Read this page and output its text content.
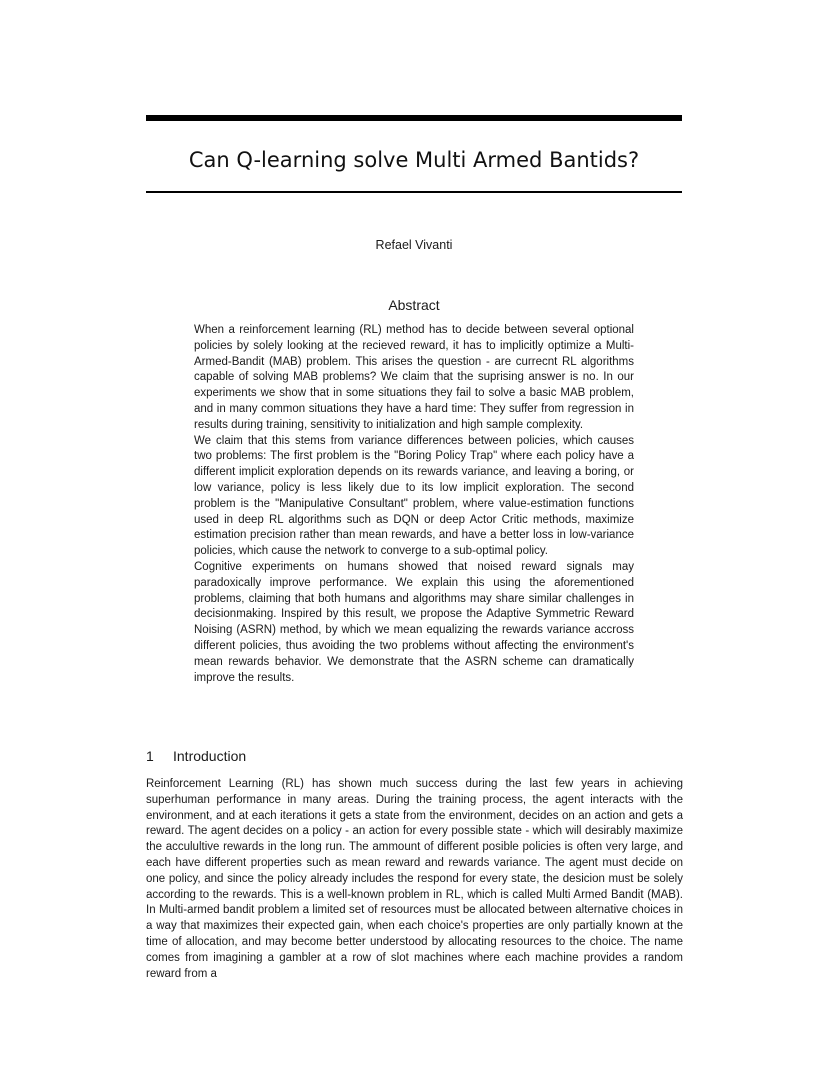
Can Q-learning solve Multi Armed Bantids?
Refael Vivanti
Abstract

When a reinforcement learning (RL) method has to decide between several optional policies by solely looking at the recieved reward, it has to implicitly optimize a Multi-Armed-Bandit (MAB) problem. This arises the question - are currecnt RL algorithms capable of solving MAB problems? We claim that the suprising answer is no. In our experiments we show that in some situations they fail to solve a basic MAB problem, and in many common situations they have a hard time: They suffer from regression in results during training, sensitivity to initialization and high sample complexity.

We claim that this stems from variance differences between policies, which causes two problems: The first problem is the "Boring Policy Trap" where each policy have a different implicit exploration depends on its rewards variance, and leaving a boring, or low variance, policy is less likely due to its low implicit exploration. The second problem is the "Manipulative Consultant" problem, where value-estimation functions used in deep RL algorithms such as DQN or deep Actor Critic methods, maximize estimation precision rather than mean rewards, and have a better loss in low-variance policies, which cause the network to converge to a sub-optimal policy.

Cognitive experiments on humans showed that noised reward signals may paradoxically improve performance. We explain this using the aforementioned problems, claiming that both humans and algorithms may share similar challenges in decisionmaking. Inspired by this result, we propose the Adaptive Symmetric Reward Noising (ASRN) method, by which we mean equalizing the rewards variance accross different policies, thus avoiding the two problems without affecting the environment's mean rewards behavior. We demonstrate that the ASRN scheme can dramatically improve the results.

1 Introduction

Reinforcement Learning (RL) has shown much success during the last few years in achieving superhuman performance in many areas. During the training process, the agent interacts with the environment, and at each iterations it gets a state from the environment, decides on an action and gets a reward. The agent decides on a policy - an action for every possible state - which will desirably maximize the acculultive rewards in the long run. The ammount of different posible policies is often very large, and each have different properties such as mean reward and rewards variance. The agent must decide on one policy, and since the policy already includes the respond for every state, the desicion must be solely according to the rewards. This is a well-known problem in RL, which is called Multi Armed Bandit (MAB). In Multi-armed bandit problem a limited set of resources must be allocated between alternative choices in a way that maximizes their expected gain, when each choice's properties are only partially known at the time of allocation, and may become better understood by allocating resources to the choice. The name comes from imagining a gambler at a row of slot machines where each machine provides a random reward from a
